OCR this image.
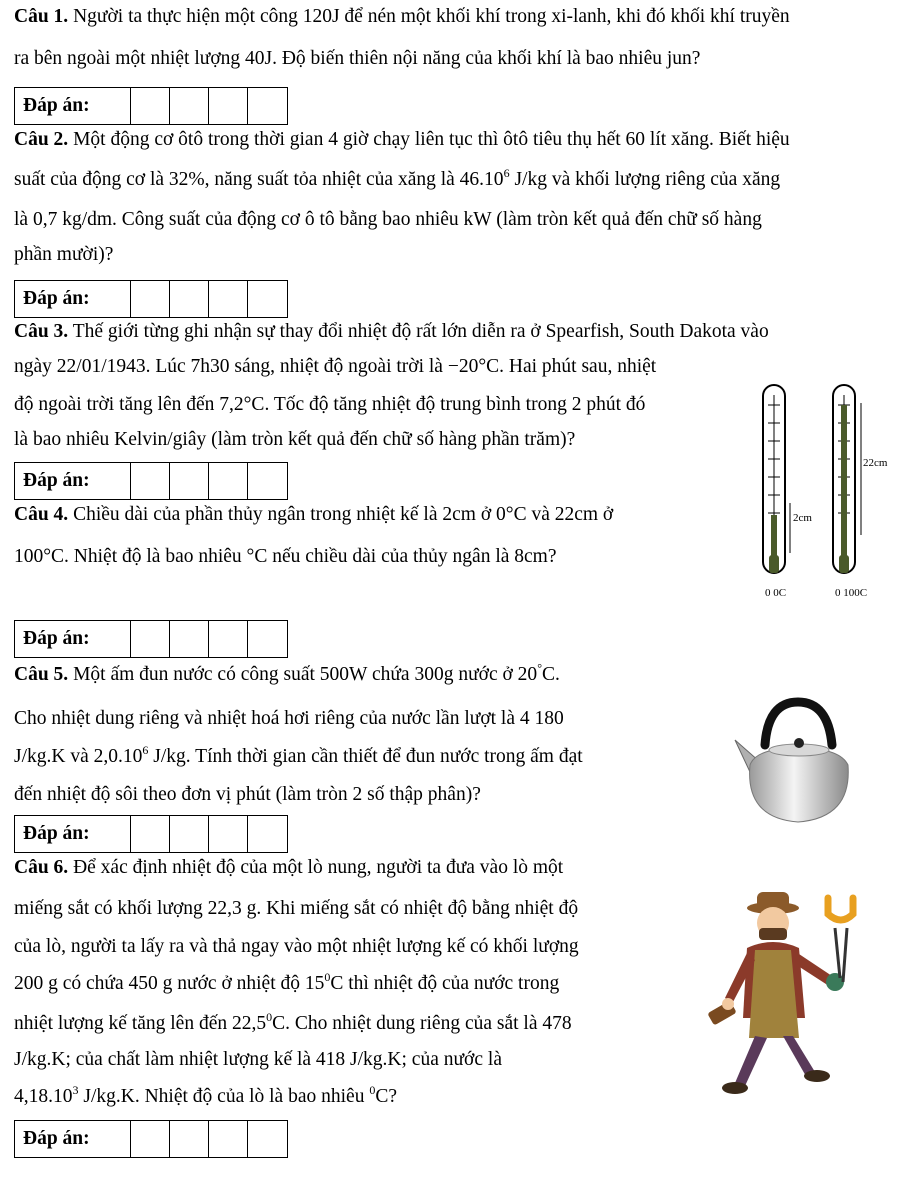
Câu 1. Người ta thực hiện một công 120J để nén một khối khí trong xi-lanh, khi đó khối khí truyền
ra bên ngoài một nhiệt lượng 40J. Độ biến thiên nội năng của khối khí là bao nhiêu jun?
Đáp án:
Câu 2. Một động cơ ôtô trong thời gian 4 giờ chạy liên tục thì ôtô tiêu thụ hết 60 lít xăng. Biết hiệu
suất của động cơ là 32%, năng suất tỏa nhiệt của xăng là 46.10$^6$ J/kg và khối lượng riêng của xăng
là 0,7 kg/dm. Công suất của động cơ ô tô bằng bao nhiêu kW (làm tròn kết quả đến chữ số hàng
phần mười)?
Đáp án:
Câu 3. Thế giới từng ghi nhận sự thay đổi nhiệt độ rất lớn diễn ra ở Spearfish, South Dakota vào
ngày 22/01/1943. Lúc 7h30 sáng, nhiệt độ ngoài trời là −20°C. Hai phút sau, nhiệt
độ ngoài trời tăng lên đến 7,2°C. Tốc độ tăng nhiệt độ trung bình trong 2 phút đó
là bao nhiêu Kelvin/giây (làm tròn kết quả đến chữ số hàng phần trăm)?
Đáp án:
Câu 4. Chiều dài của phần thủy ngân trong nhiệt kế là 2cm ở 0°C và 22cm ở
100°C. Nhiệt độ là bao nhiêu °C nếu chiều dài của thủy ngân là 8cm?
Đáp án:
2cm
22cm
0 0C	0 100C
Câu 5. Một ấm đun nước có công suất 500W chứa 300g nước ở 20°C.
Cho nhiệt dung riêng và nhiệt hoá hơi riêng của nước lần lượt là 4 180
J/kg.K và 2,0.10$^6$ J/kg. Tính thời gian cần thiết để đun nước trong ấm đạt
đến nhiệt độ sôi theo đơn vị phút (làm tròn 2 số thập phân)?
Đáp án:
Câu 6. Để xác định nhiệt độ của một lò nung, người ta đưa vào lò một
miếng sắt có khối lượng 22,3 g. Khi miếng sắt có nhiệt độ bằng nhiệt độ
của lò, người ta lấy ra và thả ngay vào một nhiệt lượng kế có khối lượng
200 g có chứa 450 g nước ở nhiệt độ $15^0C$ thì nhiệt độ của nước trong
nhiệt lượng kế tăng lên đến 22,5$^0$C. Cho nhiệt dung riêng của sắt là 478
J/kg.K; của chất làm nhiệt lượng kế là 418 J/kg.K; của nước là
4,18.10$^3$ J/kg.K. Nhiệt độ của lò là bao nhiêu $^0$C?
Đáp án:
